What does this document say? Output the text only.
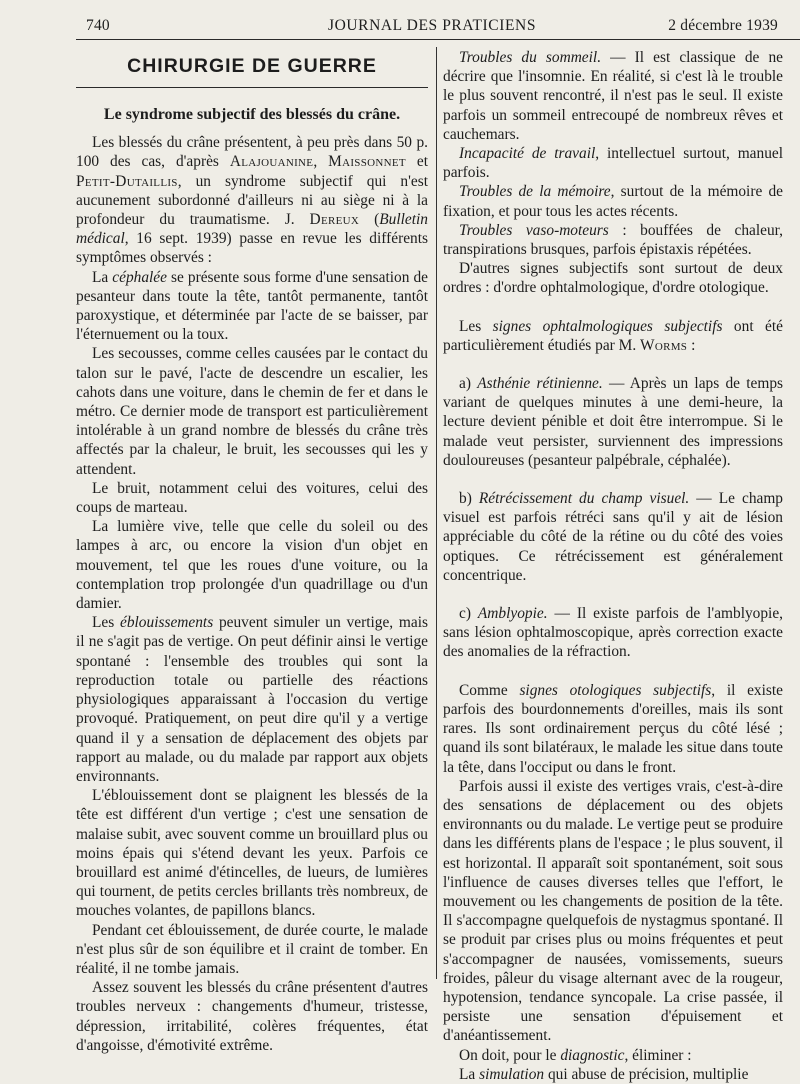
740	JOURNAL DES PRATICIENS	2 décembre 1939
CHIRURGIE DE GUERRE
Le syndrome subjectif des blessés du crâne.

Les blessés du crâne présentent, à peu près dans 50 p. 100 des cas, d'après Alajouanine, Maissonnet et Petit-Dutaillis, un syndrome subjectif qui n'est aucunement subordonné d'ailleurs ni au siège ni à la profondeur du traumatisme. J. Dereux (Bulletin médical, 16 sept. 1939) passe en revue les différents symptômes observés :

La céphalée se présente sous forme d'une sensation de pesanteur dans toute la tête, tantôt permanente, tantôt paroxystique, et déterminée par l'acte de se baisser, par l'éternuement ou la toux.

Les secousses, comme celles causées par le contact du talon sur le pavé, l'acte de descendre un escalier, les cahots dans une voiture, dans le chemin de fer et dans le métro. Ce dernier mode de transport est particulièrement intolérable à un grand nombre de blessés du crâne très affectés par la chaleur, le bruit, les secousses qui les y attendent.

Le bruit, notamment celui des voitures, celui des coups de marteau.

La lumière vive, telle que celle du soleil ou des lampes à arc, ou encore la vision d'un objet en mouvement, tel que les roues d'une voiture, ou la contemplation trop prolongée d'un quadrillage ou d'un damier.

Les éblouissements peuvent simuler un vertige, mais il ne s'agit pas de vertige. On peut définir ainsi le vertige spontané : l'ensemble des troubles qui sont la reproduction totale ou partielle des réactions physiologiques apparaissant à l'occasion du vertige provoqué. Pratiquement, on peut dire qu'il y a vertige quand il y a sensation de déplacement des objets par rapport au malade, ou du malade par rapport aux objets environnants.

L'éblouissement dont se plaignent les blessés de la tête est différent d'un vertige ; c'est une sensation de malaise subit, avec souvent comme un brouillard plus ou moins épais qui s'étend devant les yeux. Parfois ce brouillard est animé d'étincelles, de lueurs, de lumières qui tournent, de petits cercles brillants très nombreux, de mouches volantes, de papillons blancs.

Pendant cet éblouissement, de durée courte, le malade n'est plus sûr de son équilibre et il craint de tomber. En réalité, il ne tombe jamais.

Assez souvent les blessés du crâne présentent d'autres troubles nerveux : changements d'humeur, tristesse, dépression, irritabilité, colères fréquentes, état d'angoisse, d'émotivité extrême.

Troubles du sommeil. — Il est classique de ne décrire que l'insomnie. En réalité, si c'est là le trouble le plus souvent rencontré, il n'est pas le seul. Il existe parfois un sommeil entrecoupé de nombreux rêves et cauchemars.

Incapacité de travail, intellectuel surtout, manuel parfois.

Troubles de la mémoire, surtout de la mémoire de fixation, et pour tous les actes récents.

Troubles vaso-moteurs : bouffées de chaleur, transpirations brusques, parfois épistaxis répétées.

D'autres signes subjectifs sont surtout de deux ordres : d'ordre ophtalmologique, d'ordre otologique.

Les signes ophtalmologiques subjectifs ont été particulièrement étudiés par M. Worms :

a) Asthénie rétinienne. — Après un laps de temps variant de quelques minutes à une demi-heure, la lecture devient pénible et doit être interrompue. Si le malade veut persister, surviennent des impressions douloureuses (pesanteur palpébrale, céphalée).

b) Rétrécissement du champ visuel. — Le champ visuel est parfois rétréci sans qu'il y ait de lésion appréciable du côté de la rétine ou du côté des voies optiques. Ce rétrécissement est généralement concentrique.

c) Amblyopie. — Il existe parfois de l'amblyopie, sans lésion ophtalmoscopique, après correction exacte des anomalies de la réfraction.

Comme signes otologiques subjectifs, il existe parfois des bourdonnements d'oreilles, mais ils sont rares. Ils sont ordinairement perçus du côté lésé ; quand ils sont bilatéraux, le malade les situe dans toute la tête, dans l'occiput ou dans le front.

Parfois aussi il existe des vertiges vrais, c'est-à-dire des sensations de déplacement ou des objets environnants ou du malade. Le vertige peut se produire dans les différents plans de l'espace ; le plus souvent, il est horizontal. Il apparaît soit spontanément, soit sous l'influence de causes diverses telles que l'effort, le mouvement ou les changements de position de la tête. Il s'accompagne quelquefois de nystagmus spontané. Il se produit par crises plus ou moins fréquentes et peut s'accompagner de nausées, vomissements, sueurs froides, pâleur du visage alternant avec de la rougeur, hypotension, tendance syncopale. La crise passée, il persiste une sensation d'épuisement et d'anéantissement.

On doit, pour le diagnostic, éliminer :

La simulation qui abuse de précision, multiplie
